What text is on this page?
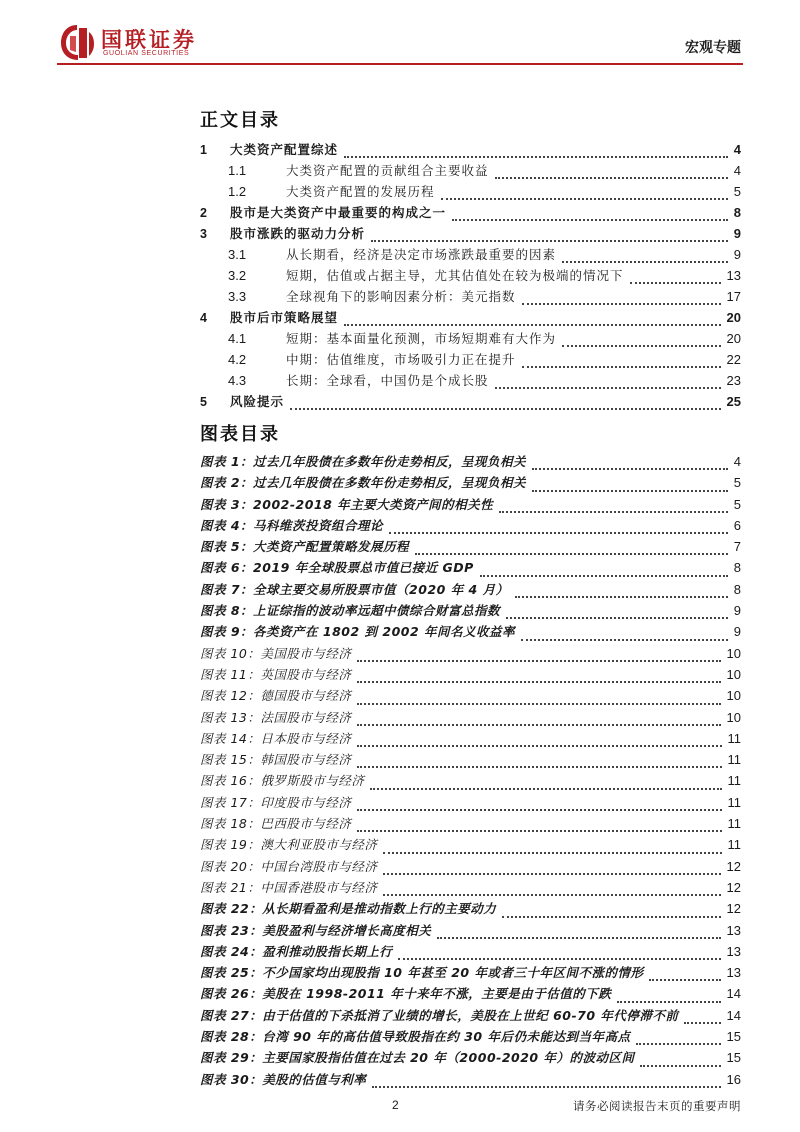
国联证券
GUOLIAN SECURITIES	宏观专题
正文目录
1	大类资产配置综述	4
1.1	大类资产配置的贡献组合主要收益	4
1.2	大类资产配置的发展历程	5
2	股市是大类资产中最重要的构成之一	8
3	股市涨跌的驱动力分析	9
3.1	从长期看，经济是决定市场涨跌最重要的因素	9
3.2	短期，估值或占据主导，尤其估值处在较为极端的情况下	13
3.3	全球视角下的影响因素分析：美元指数	17
4	股市后市策略展望	20
4.1	短期：基本面量化预测，市场短期难有大作为	20
4.2	中期：估值维度，市场吸引力正在提升	22
4.3	长期：全球看，中国仍是个成长股	23
5	风险提示	25
图表目录
图表 1：过去几年股债在多数年份走势相反，呈现负相关	4
图表 2：过去几年股债在多数年份走势相反，呈现负相关	5
图表 3：2002-2018 年主要大类资产间的相关性	5
图表 4：马科维茨投资组合理论	6
图表 5：大类资产配置策略发展历程	7
图表 6：2019 年全球股票总市值已接近 GDP	8
图表 7：全球主要交易所股票市值（2020 年 4 月）	8
图表 8：上证综指的波动率远超中债综合财富总指数	9
图表 9：各类资产在 1802 到 2002 年间名义收益率	9
图表 10：美国股市与经济	10
图表 11：英国股市与经济	10
图表 12：德国股市与经济	10
图表 13：法国股市与经济	10
图表 14：日本股市与经济	11
图表 15：韩国股市与经济	11
图表 16：俄罗斯股市与经济	11
图表 17：印度股市与经济	11
图表 18：巴西股市与经济	11
图表 19：澳大利亚股市与经济	11
图表 20：中国台湾股市与经济	12
图表 21：中国香港股市与经济	12
图表 22：从长期看盈利是推动指数上行的主要动力	12
图表 23：美股盈利与经济增长高度相关	13
图表 24：盈利推动股指长期上行	13
图表 25：不少国家均出现股指 10 年甚至 20 年或者三十年区间不涨的情形	13
图表 26：美股在 1998-2011 年十来年不涨，主要是由于估值的下跌	14
图表 27：由于估值的下杀抵消了业绩的增长，美股在上世纪 60-70 年代停滞不前	14
图表 28：台湾 90 年的高估值导致股指在约 30 年后仍未能达到当年高点	15
图表 29：主要国家股指估值在过去 20 年（2000-2020 年）的波动区间	15
图表 30：美股的估值与利率	16
2	请务必阅读报告末页的重要声明
